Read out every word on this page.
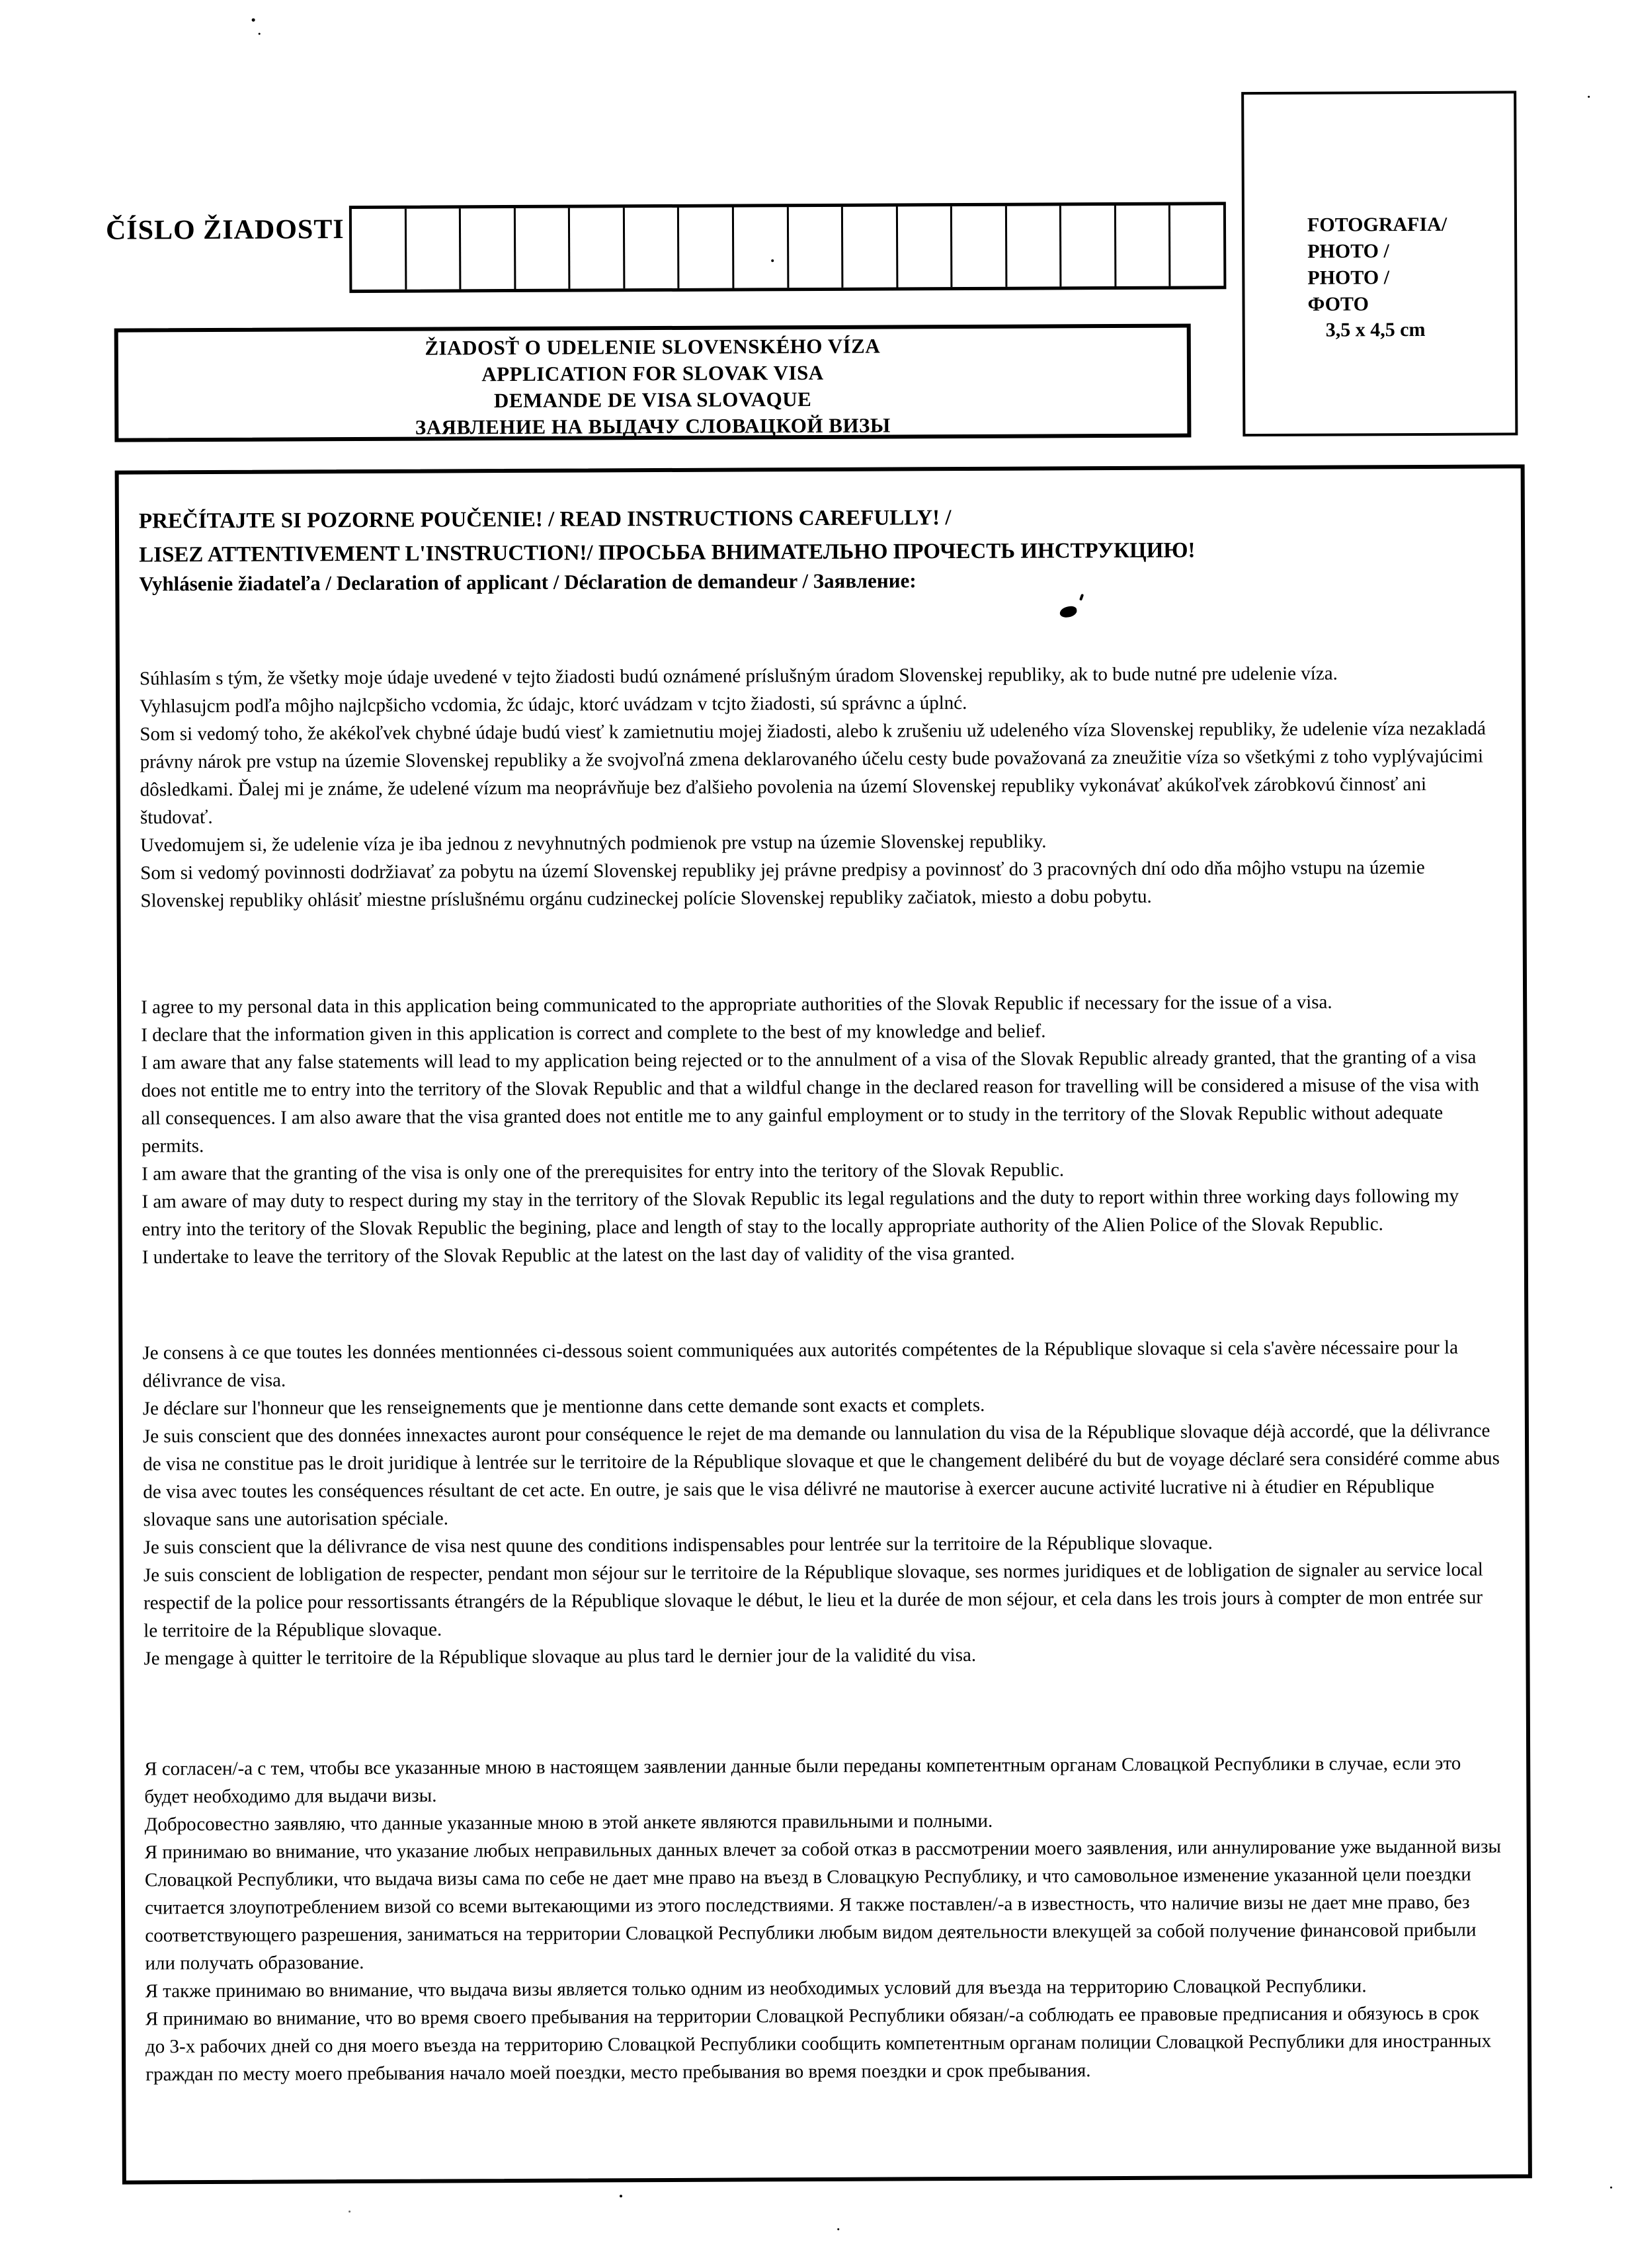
ČÍSLO ŽIADOSTI	FOTOGRAFIA/
PHOTO /
PHOTO /
ФОТО
3,5 x 4,5 cm
ŽIADOSŤ O UDELENIE SLOVENSKÉHO VÍZA
APPLICATION FOR SLOVAK VISA
DEMANDE DE VISA SLOVAQUE
ЗАЯВЛЕНИЕ НА ВЫДАЧУ СЛОВАЦКОЙ ВИЗЫ
PREČÍTAJTE SI POZORNE POUČENIE! / READ INSTRUCTIONS CAREFULLY! /
LISEZ ATTENTIVEMENT L'INSTRUCTION!/ ПРОСЬБА ВНИМАТЕЛЬНО ПРОЧЕСТЬ ИНСТРУКЦИЮ!
Vyhlásenie žiadateľa / Declaration of applicant / Déclaration de demandeur / Заявление:
Súhlasím s tým, že všetky moje údaje uvedené v tejto žiadosti budú oznámené príslušným úradom Slovenskej republiky, ak to bude nutné pre udelenie víza.
Vyhlasujcm podľa môjho najlcpšicho vcdomia, žc údajc, ktorć uvádzam v tcjto žiadosti, sú správnc a úplnć.
Som si vedomý toho, že akékoľvek chybné údaje budú viesť k zamietnutiu mojej žiadosti, alebo k zrušeniu už udeleného víza Slovenskej republiky, že udelenie víza nezakladá právny nárok pre vstup na územie Slovenskej republiky a že svojvoľná zmena deklarovaného účelu cesty bude považovaná za zneužitie víza so všetkými z toho vyplývajúcimi dôsledkami. Ďalej mi je známe, že udelené vízum ma neoprávňuje bez ďalšieho povolenia na území Slovenskej republiky vykonávať akúkoľvek zárobkovú činnosť ani študovať.
Uvedomujem si, že udelenie víza je iba jednou z nevyhnutných podmienok pre vstup na územie Slovenskej republiky.
Som si vedomý povinnosti dodržiavať za pobytu na území Slovenskej republiky jej právne predpisy a povinnosť do 3 pracovných dní odo dňa môjho vstupu na územie Slovenskej republiky ohlásiť miestne príslušnému orgánu cudzineckej polície Slovenskej republiky začiatok, miesto a dobu pobytu.
I agree to my personal data in this application being communicated to the appropriate authorities of the Slovak Republic if necessary for the issue of a visa.
I declare that the information given in this application is correct and complete to the best of my knowledge and belief.
I am aware that any false statements will lead to my application being rejected or to the annulment of a visa of the Slovak Republic already granted, that the granting of a visa does not entitle me to entry into the territory of the Slovak Republic and that a wildful change in the declared reason for travelling will be considered a misuse of the visa with all consequences. I am also aware that the visa granted does not entitle me to any gainful employment or to study in the territory of the Slovak Republic without adequate permits.
I am aware that the granting of the visa is only one of the prerequisites for entry into the teritory of the Slovak Republic.
I am aware of may duty to respect during my stay in the territory of the Slovak Republic its legal regulations and the duty to report within three working days following my entry into the teritory of the Slovak Republic the begining, place and length of stay to the locally appropriate authority of the Alien Police of the Slovak Republic.
I undertake to leave the territory of the Slovak Republic at the latest on the last day of validity of the visa granted.
Je consens à ce que toutes les données mentionnées ci-dessous soient communiquées aux autorités compétentes de la République slovaque si cela s'avère nécessaire pour la délivrance de visa.
Je déclare sur l'honneur que les renseignements que je mentionne dans cette demande sont exacts et complets.
Je suis conscient que des données innexactes auront pour conséquence le rejet de ma demande ou lannulation du visa de la République slovaque déjà accordé, que la délivrance de visa ne constitue pas le droit juridique à lentrée sur le territoire de la République slovaque et que le changement delibéré du but de voyage déclaré sera considéré comme abus de visa avec toutes les conséquences résultant de cet acte. En outre, je sais que le visa délivré ne mautorise à exercer aucune activité lucrative ni à étudier en République slovaque sans une autorisation spéciale.
Je suis conscient que la délivrance de visa nest quune des conditions indispensables pour lentrée sur la territoire de la République slovaque.
Je suis conscient de lobligation de respecter, pendant mon séjour sur le territoire de la République slovaque, ses normes juridiques et de lobligation de signaler au service local respectif de la police pour ressortissants étrangérs de la République slovaque le début, le lieu et la durée de mon séjour, et cela dans les trois jours à compter de mon entrée sur le territoire de la République slovaque.
Je mengage à quitter le territoire de la République slovaque au plus tard le dernier jour de la validité du visa.
Я согласен/-а с тем, чтобы все указанные мною в настоящем заявлении данные были переданы компетентным органам Словацкой Республики в случае, если это будет необходимо для выдачи визы.
Добросовестно заявляю, что данные указанные мною в этой анкете являются правильными и полными.
Я принимаю во внимание, что указание любых неправильных данных влечет за собой отказ в рассмотрении моего заявления, или аннулирование уже выданной визы Словацкой Республики, что выдача визы сама по себе не дает мне право на въезд в Словацкую Республику, и что самовольное изменение указанной цели поездки считается злоупотреблением визой со всеми вытекающими из этого последствиями. Я также поставлен/-а в известность, что наличие визы не дает мне право, без соответствующего разрешения, заниматься на территории Словацкой Республики любым видом деятельности влекущей за собой получение финансовой прибыли или получать образование.
Я также принимаю во внимание, что выдача визы является только одним из необходимых условий для въезда на территорию Словацкой Республики.
Я принимаю во внимание, что во время своего пребывания на территории Словацкой Республики обязан/-а соблюдать ее правовые предписания и обязуюсь в срок до 3-х рабочих дней со дня моего въезда на территорию Словацкой Республики сообщить компетентным органам полиции Словацкой Республики для иностранных граждан по месту моего пребывания начало моей поездки, место пребывания во время поездки и срок пребывания.
